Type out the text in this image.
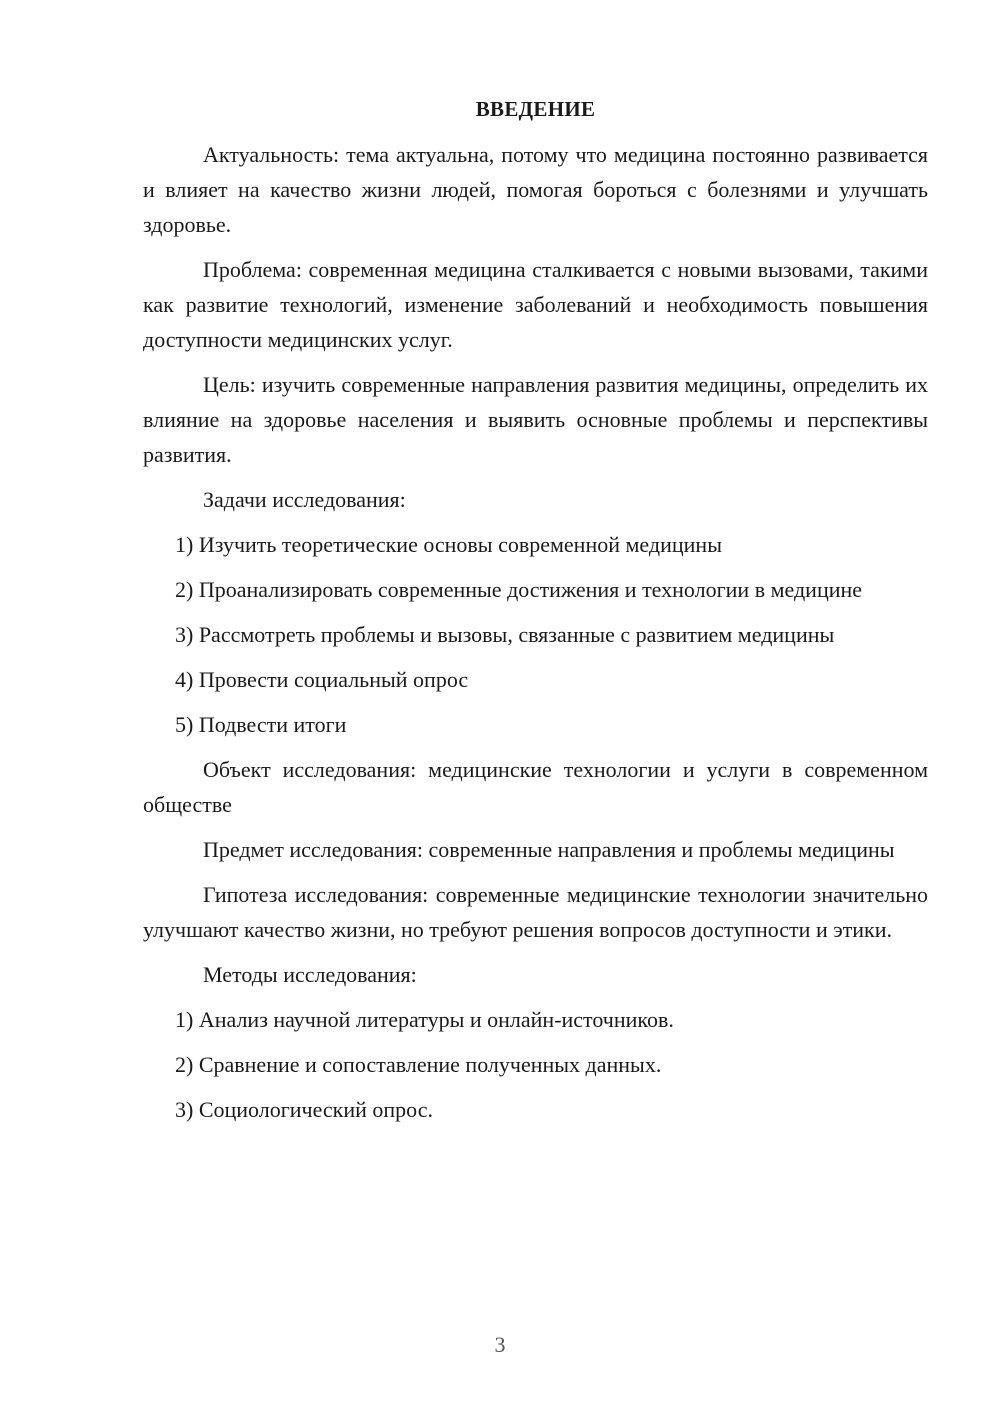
ВВЕДЕНИЕ

Актуальность: тема актуальна, потому что медицина постоянно развивается и влияет на качество жизни людей, помогая бороться с болезнями и улучшать здоровье.

Проблема: современная медицина сталкивается с новыми вызовами, такими как развитие технологий, изменение заболеваний и необходимость повышения доступности медицинских услуг.

Цель: изучить современные направления развития медицины, определить их влияние на здоровье населения и выявить основные проблемы и перспективы развития.

Задачи исследования:

1) Изучить теоретические основы современной медицины

2) Проанализировать современные достижения и технологии в медицине

3) Рассмотреть проблемы и вызовы, связанные с развитием медицины

4) Провести социальный опрос

5) Подвести итоги

Объект исследования: медицинские технологии и услуги в современном обществе

Предмет исследования: современные направления и проблемы медицины

Гипотеза исследования: современные медицинские технологии значительно улучшают качество жизни, но требуют решения вопросов доступности и этики.

Методы исследования:

1) Анализ научной литературы и онлайн-источников.

2) Сравнение и сопоставление полученных данных.

3) Социологический опрос.

3
